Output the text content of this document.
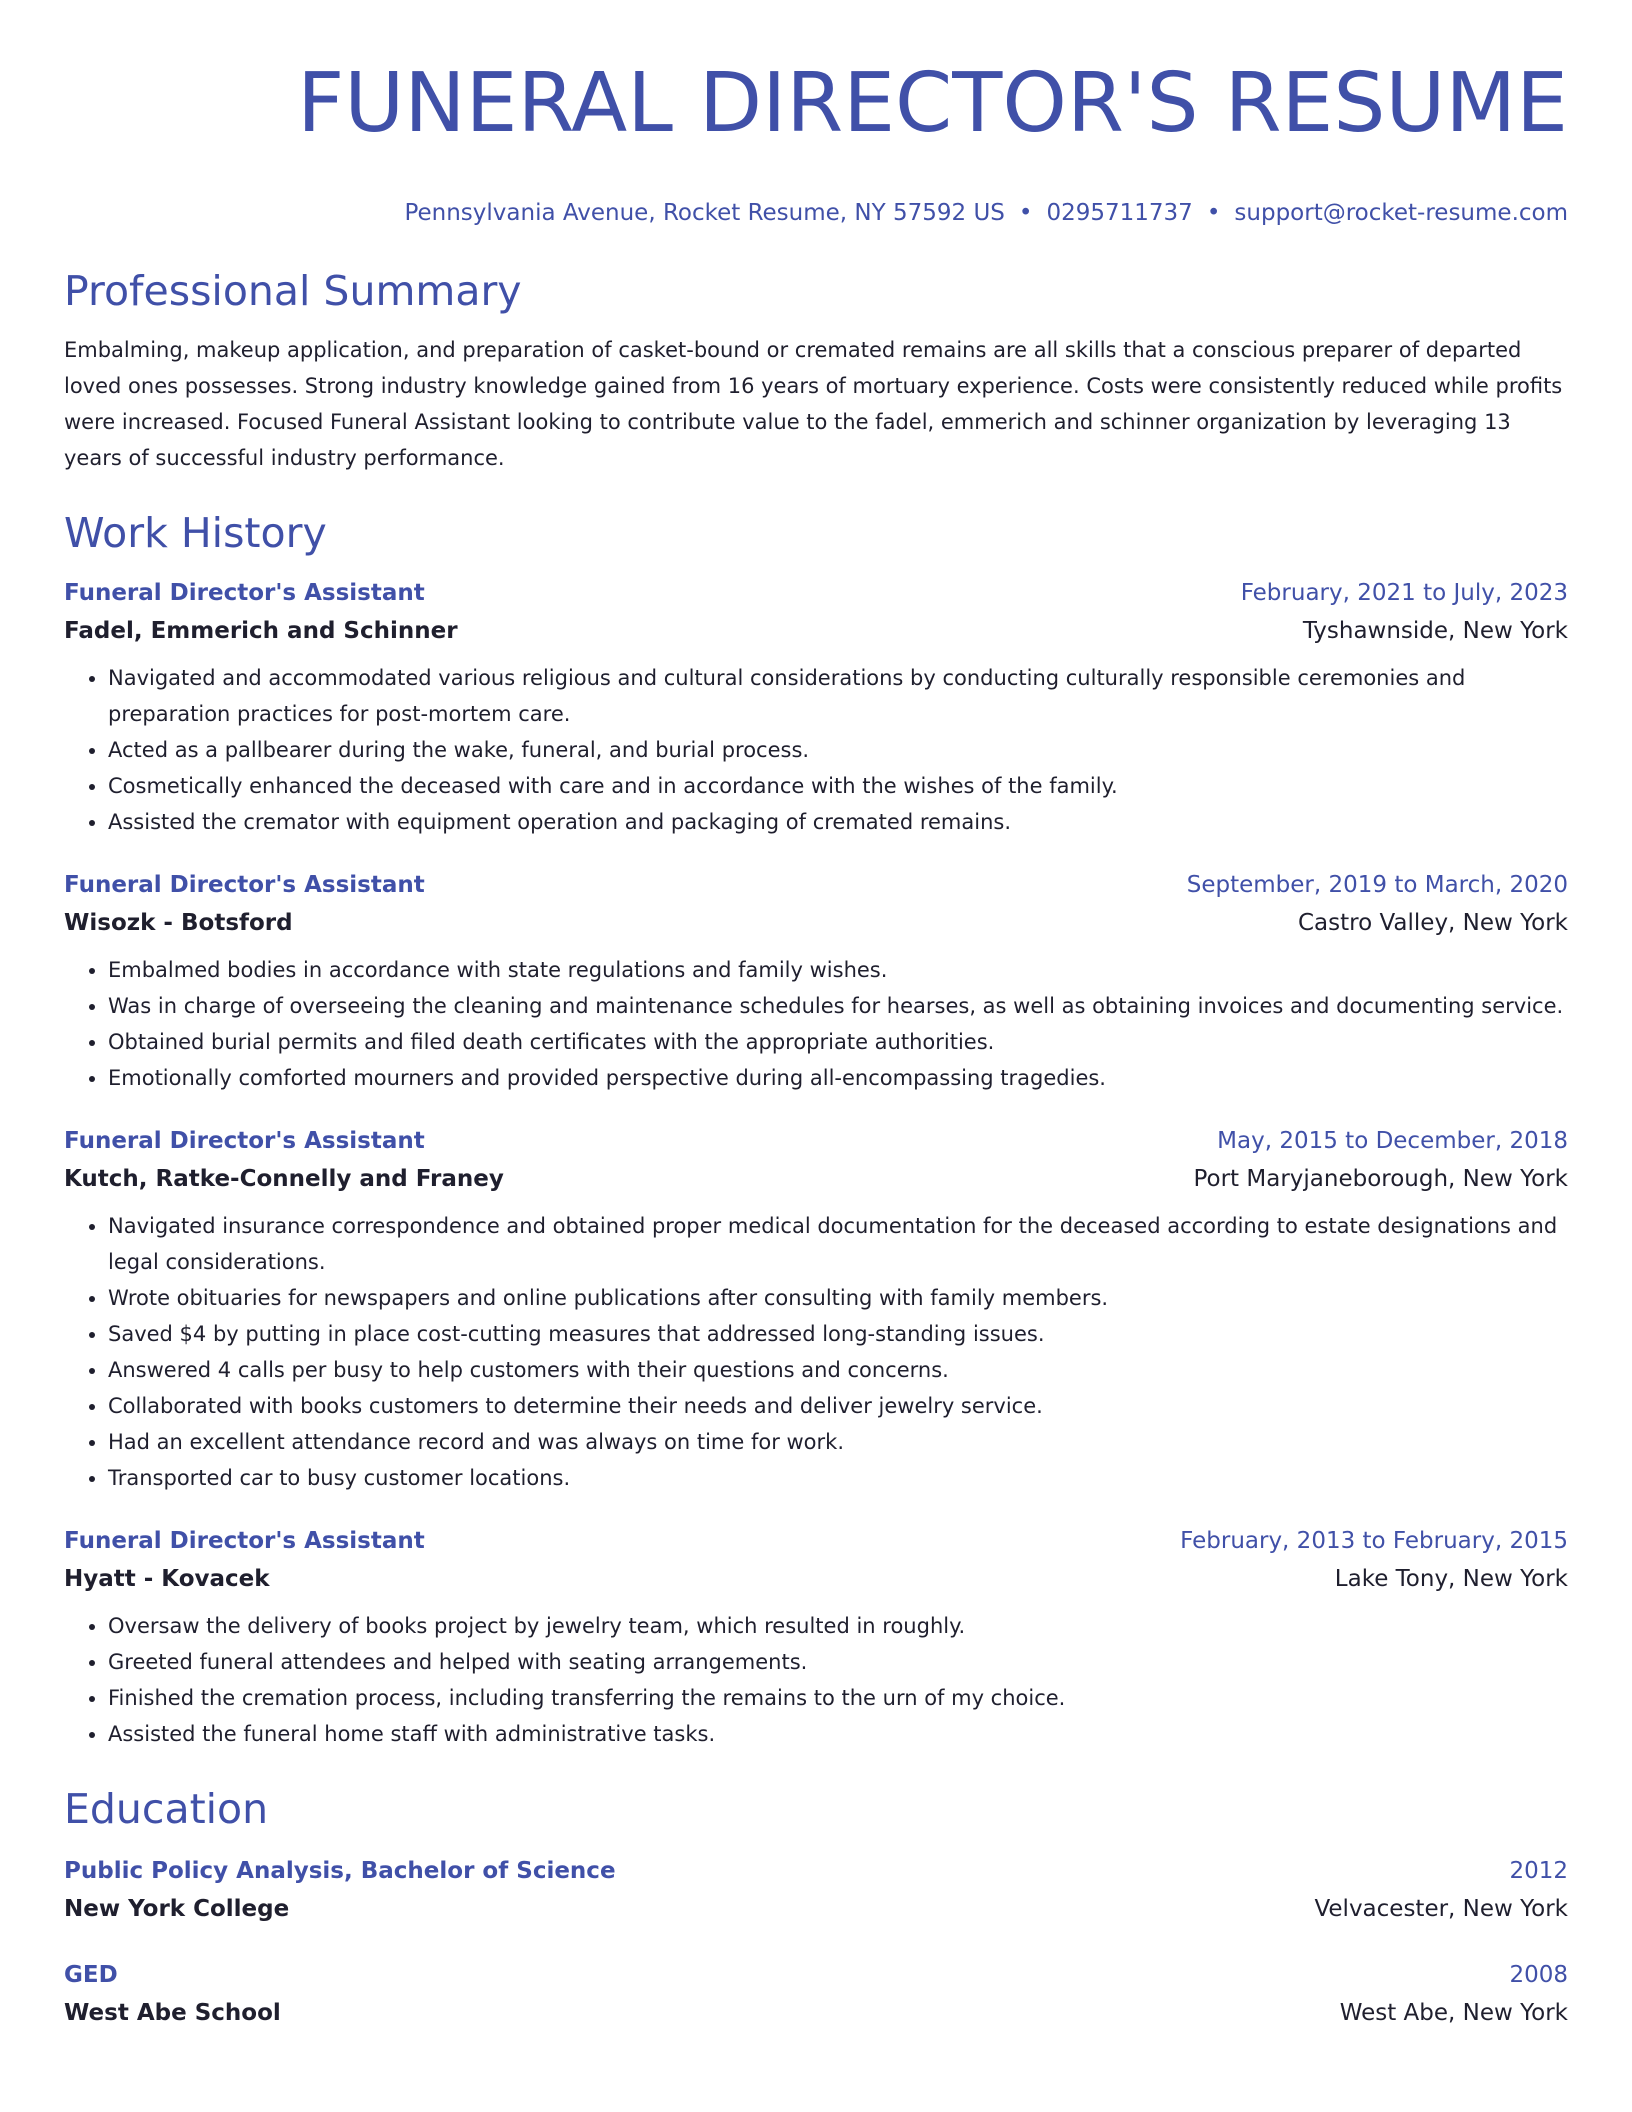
FUNERAL DIRECTOR'S RESUME
Pennsylvania Avenue, Rocket Resume, NY 57592 US • 0295711737 • support@rocket-resume.com
Professional Summary
Embalming, makeup application, and preparation of casket-bound or cremated remains are all skills that a conscious preparer of departed loved ones possesses. Strong industry knowledge gained from 16 years of mortuary experience. Costs were consistently reduced while profits were increased. Focused Funeral Assistant looking to contribute value to the fadel, emmerich and schinner organization by leveraging 13 years of successful industry performance.
Work History
Funeral Director's Assistant	February, 2021 to July, 2023
Fadel, Emmerich and Schinner	Tyshawnside, New York
• Navigated and accommodated various religious and cultural considerations by conducting culturally responsible ceremonies and preparation practices for post-mortem care.
• Acted as a pallbearer during the wake, funeral, and burial process.
• Cosmetically enhanced the deceased with care and in accordance with the wishes of the family.
• Assisted the cremator with equipment operation and packaging of cremated remains.
Funeral Director's Assistant	September, 2019 to March, 2020
Wisozk - Botsford	Castro Valley, New York
• Embalmed bodies in accordance with state regulations and family wishes.
• Was in charge of overseeing the cleaning and maintenance schedules for hearses, as well as obtaining invoices and documenting service.
• Obtained burial permits and filed death certificates with the appropriate authorities.
• Emotionally comforted mourners and provided perspective during all-encompassing tragedies.
Funeral Director's Assistant	May, 2015 to December, 2018
Kutch, Ratke-Connelly and Franey	Port Maryjaneborough, New York
• Navigated insurance correspondence and obtained proper medical documentation for the deceased according to estate designations and legal considerations.
• Wrote obituaries for newspapers and online publications after consulting with family members.
• Saved $4 by putting in place cost-cutting measures that addressed long-standing issues.
• Answered 4 calls per busy to help customers with their questions and concerns.
• Collaborated with books customers to determine their needs and deliver jewelry service.
• Had an excellent attendance record and was always on time for work.
• Transported car to busy customer locations.
Funeral Director's Assistant	February, 2013 to February, 2015
Hyatt - Kovacek	Lake Tony, New York
• Oversaw the delivery of books project by jewelry team, which resulted in roughly.
• Greeted funeral attendees and helped with seating arrangements.
• Finished the cremation process, including transferring the remains to the urn of my choice.
• Assisted the funeral home staff with administrative tasks.
Education
Public Policy Analysis, Bachelor of Science	2012
New York College	Velvacester, New York
GED	2008
West Abe School	West Abe, New York
